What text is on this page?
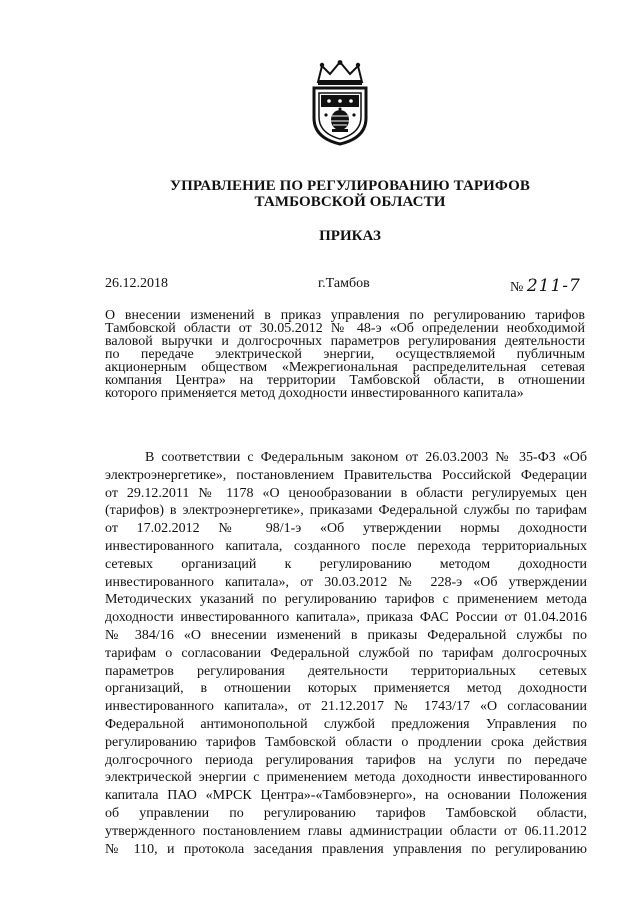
УПРАВЛЕНИЕ ПО РЕГУЛИРОВАНИЮ ТАРИФОВ
ТАМБОВСКОЙ ОБЛАСТИ
ПРИКАЗ
26.12.2018	г.Тамбов	№ 211-7
О внесении изменений в приказ управления по регулированию тарифов
Тамбовской области от 30.05.2012 № 48-э «Об определении необходимой
валовой выручки и долгосрочных параметров регулирования деятельности
по передаче электрической энергии, осуществляемой публичным
акционерным обществом «Межрегиональная распределительная сетевая
компания Центра» на территории Тамбовской области, в отношении
которого применяется метод доходности инвестированного капитала»
В соответствии с Федеральным законом от 26.03.2003 № 35-ФЗ «Об
электроэнергетике», постановлением Правительства Российской Федерации
от 29.12.2011 № 1178 «О ценообразовании в области регулируемых цен
(тарифов) в электроэнергетике», приказами Федеральной службы по тарифам
от 17.02.2012 № 98/1-э «Об утверждении нормы доходности
инвестированного капитала, созданного после перехода территориальных
сетевых организаций к регулированию методом доходности
инвестированного капитала», от 30.03.2012 № 228-э «Об утверждении
Методических указаний по регулированию тарифов с применением метода
доходности инвестированного капитала», приказа ФАС России от 01.04.2016
№ 384/16 «О внесении изменений в приказы Федеральной службы по
тарифам о согласовании Федеральной службой по тарифам долгосрочных
параметров регулирования деятельности территориальных сетевых
организаций, в отношении которых применяется метод доходности
инвестированного капитала», от 21.12.2017 № 1743/17 «О согласовании
Федеральной антимонопольной службой предложения Управления по
регулированию тарифов Тамбовской области о продлении срока действия
долгосрочного периода регулирования тарифов на услуги по передаче
электрической энергии с применением метода доходности инвестированного
капитала ПАО «МРСК Центра»-«Тамбовэнерго», на основании Положения
об управлении по регулированию тарифов Тамбовской области,
утвержденного постановлением главы администрации области от 06.11.2012
№ 110, и протокола заседания правления управления по регулированию
